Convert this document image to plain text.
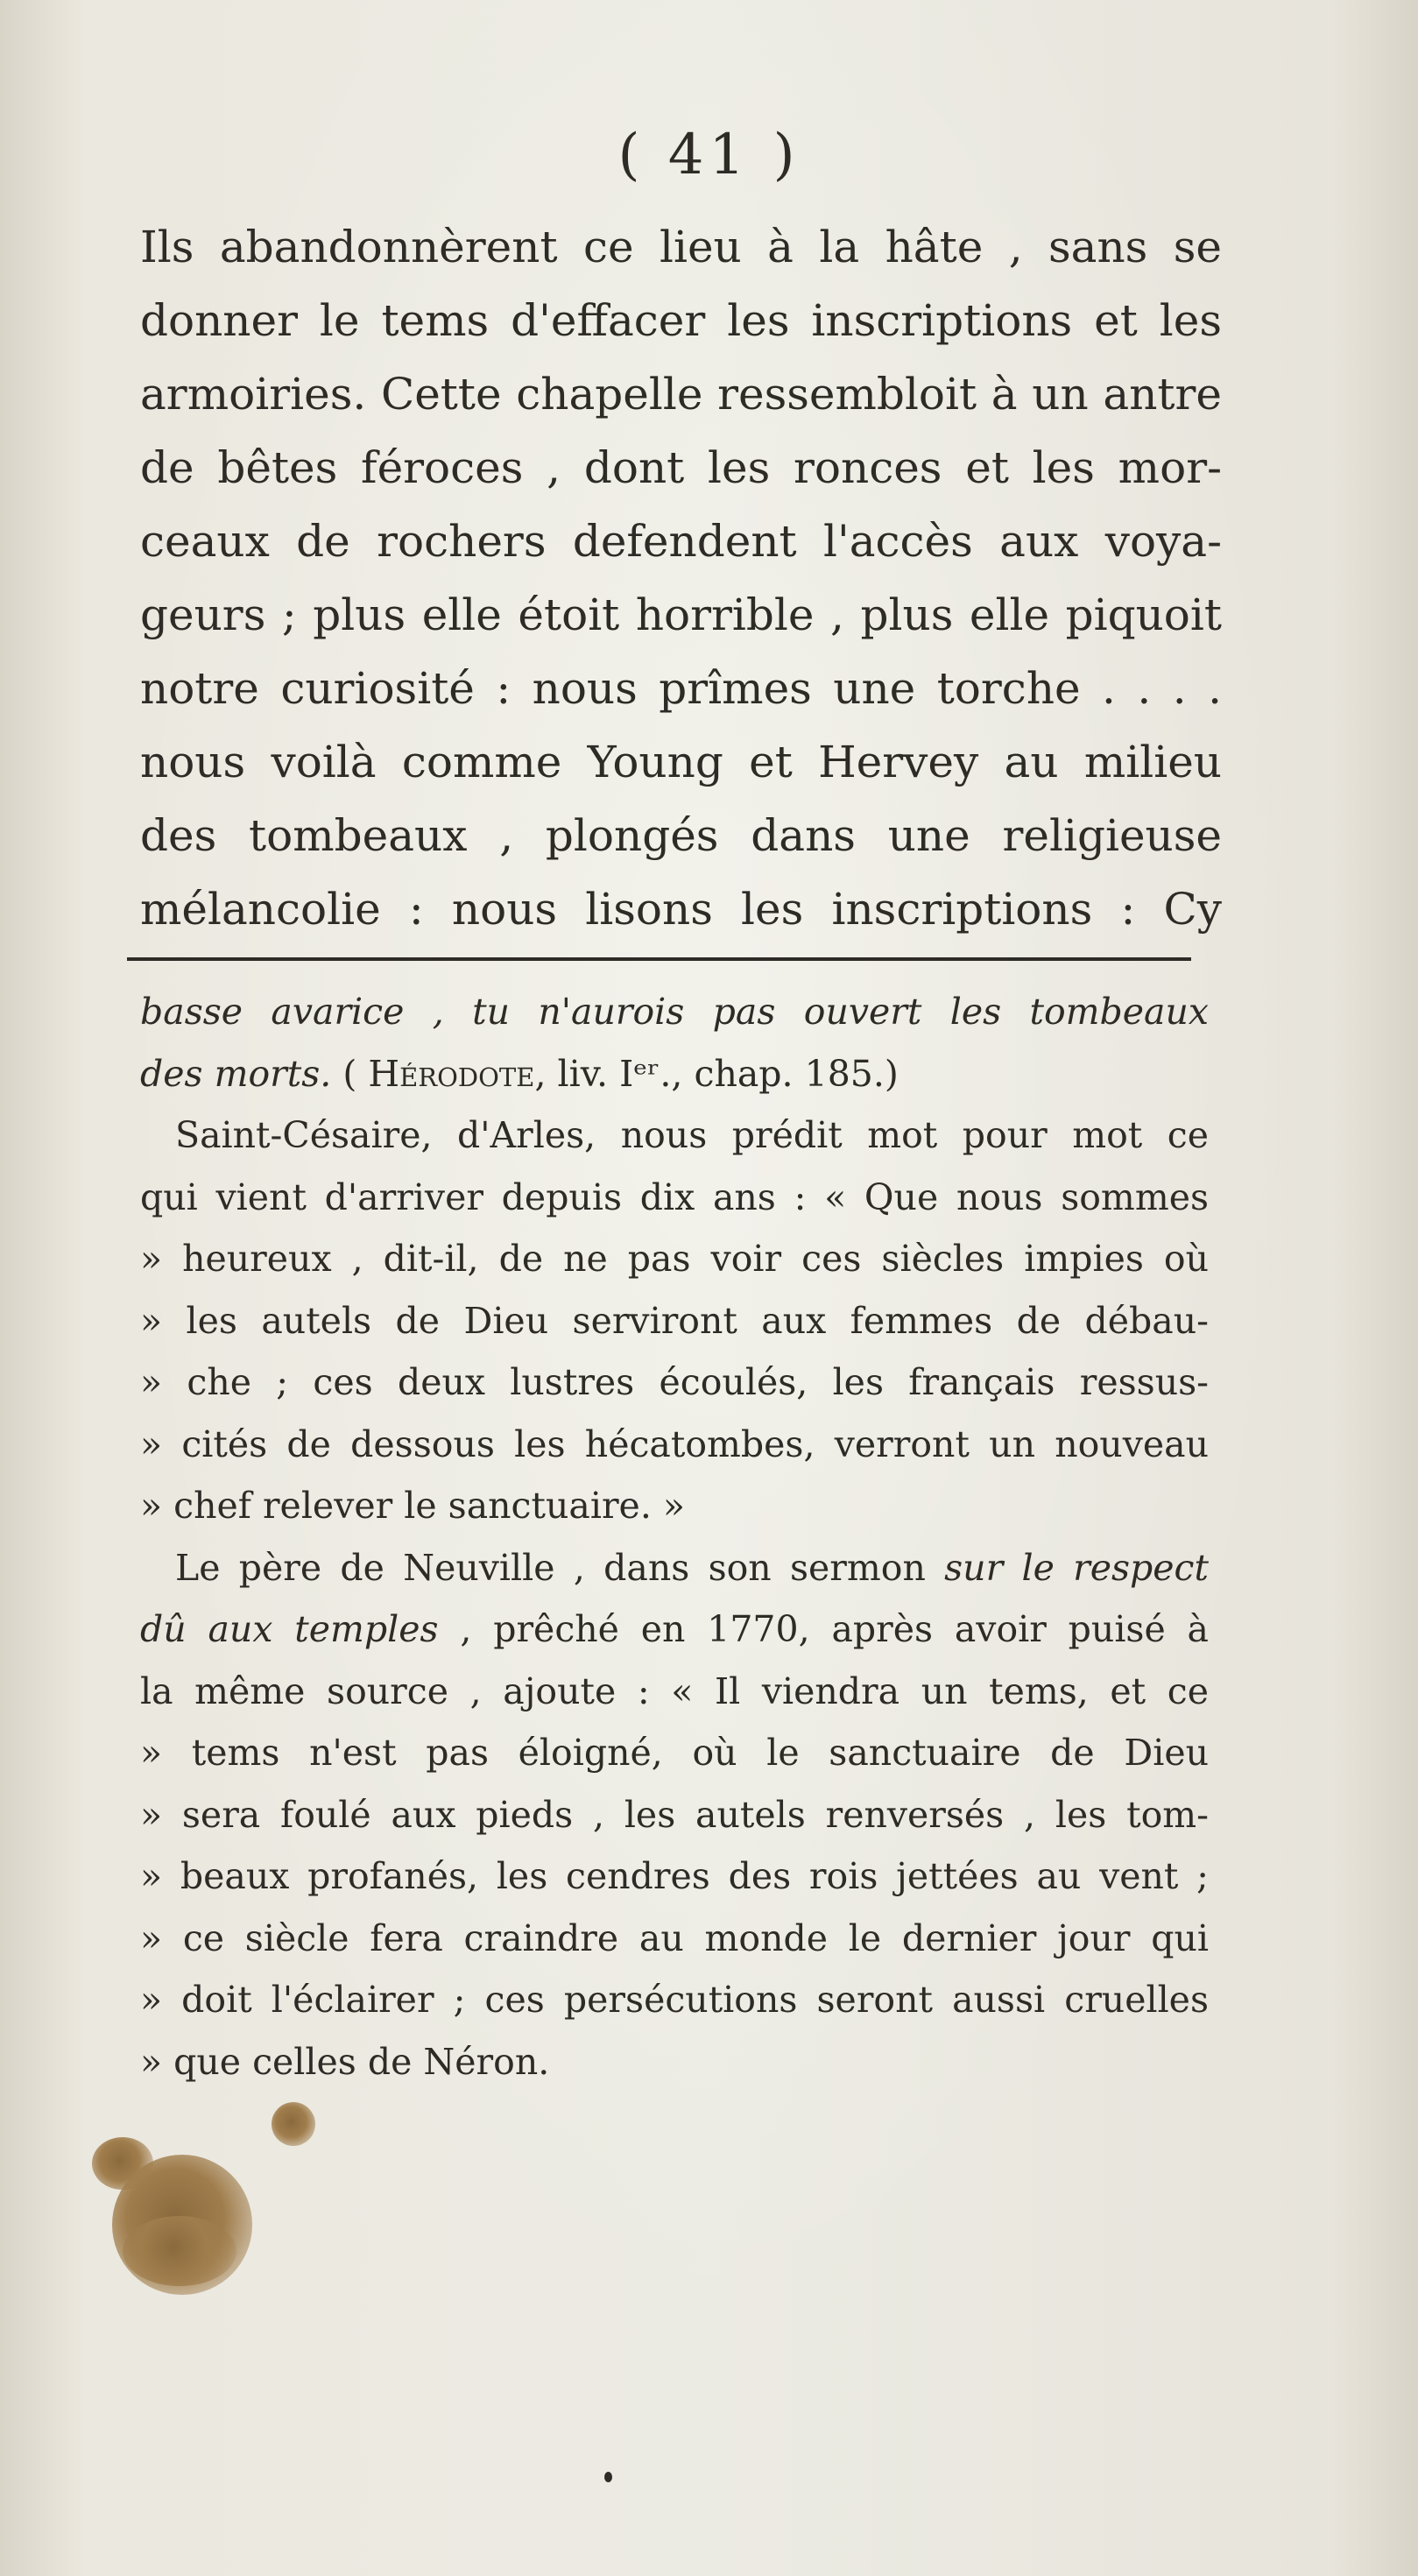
( 41 )
Ils abandonnèrent ce lieu à la hâte , sans se
donner le tems d'effacer les inscriptions et les
armoiries. Cette chapelle ressembloit à un antre
de bêtes féroces , dont les ronces et les mor-
ceaux de rochers defendent l'accès aux voya-
geurs ; plus elle étoit horrible , plus elle piquoit
notre curiosité : nous prîmes une torche . . . .
nous voilà comme Young et Hervey au milieu
des tombeaux , plongés dans une religieuse
mélancolie : nous lisons les inscriptions : Cy
basse avarice , tu n'aurois pas ouvert les tombeaux
des morts. ( Hérodote, liv. Iᵉʳ., chap. 185.)
Saint-Césaire, d'Arles, nous prédit mot pour mot ce
qui vient d'arriver depuis dix ans : « Que nous sommes
» heureux , dit-il, de ne pas voir ces siècles impies où
» les autels de Dieu serviront aux femmes de débau-
» che ; ces deux lustres écoulés, les français ressus-
» cités de dessous les hécatombes, verront un nouveau
» chef relever le sanctuaire. »
Le père de Neuville , dans son sermon sur le respect
dû aux temples , prêché en 1770, après avoir puisé à
la même source , ajoute : « Il viendra un tems, et ce
» tems n'est pas éloigné, où le sanctuaire de Dieu
» sera foulé aux pieds , les autels renversés , les tom-
» beaux profanés, les cendres des rois jettées au vent ;
» ce siècle fera craindre au monde le dernier jour qui
» doit l'éclairer ; ces persécutions seront aussi cruelles
» que celles de Néron.
